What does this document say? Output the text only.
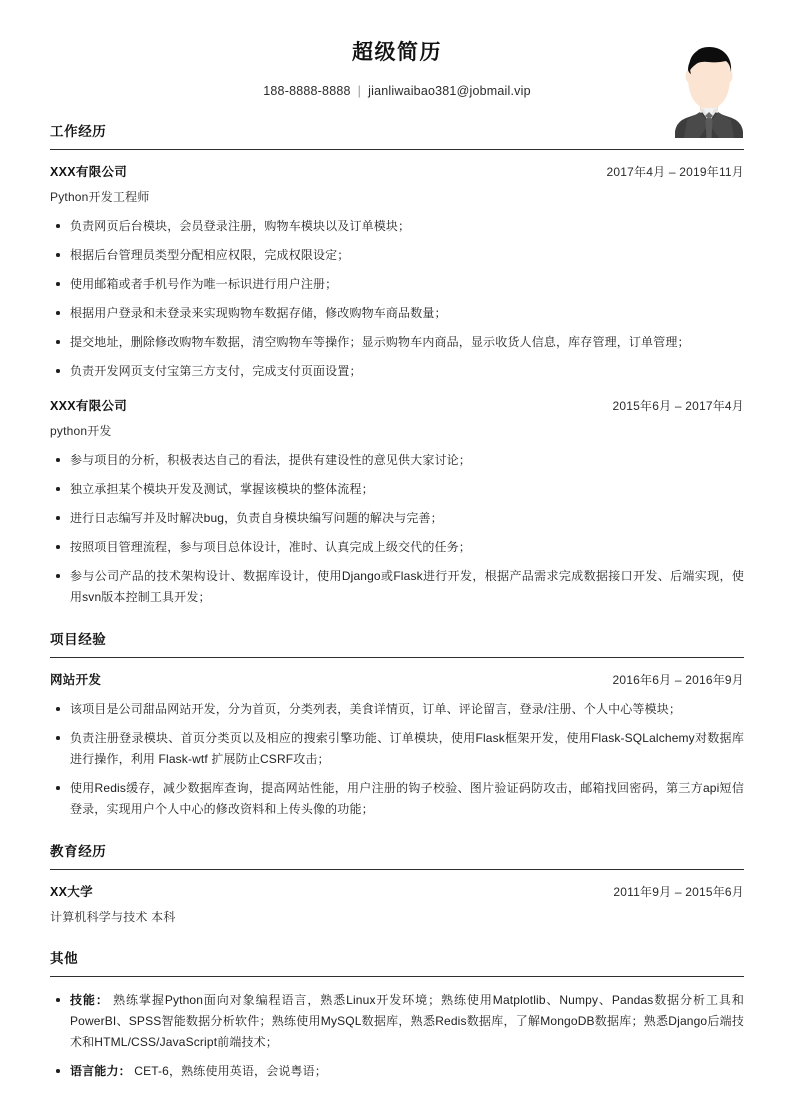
超级简历
188-8888-8888 | jianliwaibao381@jobmail.vip
工作经历
XXX有限公司	2017年4月 – 2019年11月
Python开发工程师
负责网页后台模块，会员登录注册，购物车模块以及订单模块；
根据后台管理员类型分配相应权限，完成权限设定；
使用邮箱或者手机号作为唯一标识进行用户注册；
根据用户登录和未登录来实现购物车数据存储，修改购物车商品数量；
提交地址，删除修改购物车数据，清空购物车等操作；显示购物车内商品，显示收货人信息，库存管理，订单管理；
负责开发网页支付宝第三方支付，完成支付页面设置；
XXX有限公司	2015年6月 – 2017年4月
python开发
参与项目的分析，积极表达自己的看法，提供有建设性的意见供大家讨论；
独立承担某个模块开发及测试，掌握该模块的整体流程；
进行日志编写并及时解决bug，负责自身模块编写问题的解决与完善；
按照项目管理流程，参与项目总体设计，准时、认真完成上级交代的任务；
参与公司产品的技术架构设计、数据库设计，使用Django或Flask进行开发，根据产品需求完成数据接口开发、后端实现，使用svn版本控制工具开发；
项目经验
网站开发	2016年6月 – 2016年9月
该项目是公司甜品网站开发，分为首页，分类列表，美食详情页，订单、评论留言，登录/注册、个人中心等模块；
负责注册登录模块、首页分类页以及相应的搜索引擎功能、订单模块，使用Flask框架开发，使用Flask-SQLalchemy对数据库进行操作，利用 Flask-wtf 扩展防止CSRF攻击；
使用Redis缓存，减少数据库查询，提高网站性能，用户注册的钩子校验、图片验证码防攻击，邮箱找回密码，第三方api短信登录，实现用户个人中心的修改资料和上传头像的功能；
教育经历
XX大学	2011年9月 – 2015年6月
计算机科学与技术 本科
其他
技能： 熟练掌握Python面向对象编程语言，熟悉Linux开发环境；熟练使用Matplotlib、Numpy、Pandas数据分析工具和PowerBI、SPSS智能数据分析软件；熟练使用MySQL数据库，熟悉Redis数据库，了解MongoDB数据库；熟悉Django后端技术和HTML/CSS/JavaScript前端技术；
语言能力： CET-6，熟练使用英语，会说粤语；
